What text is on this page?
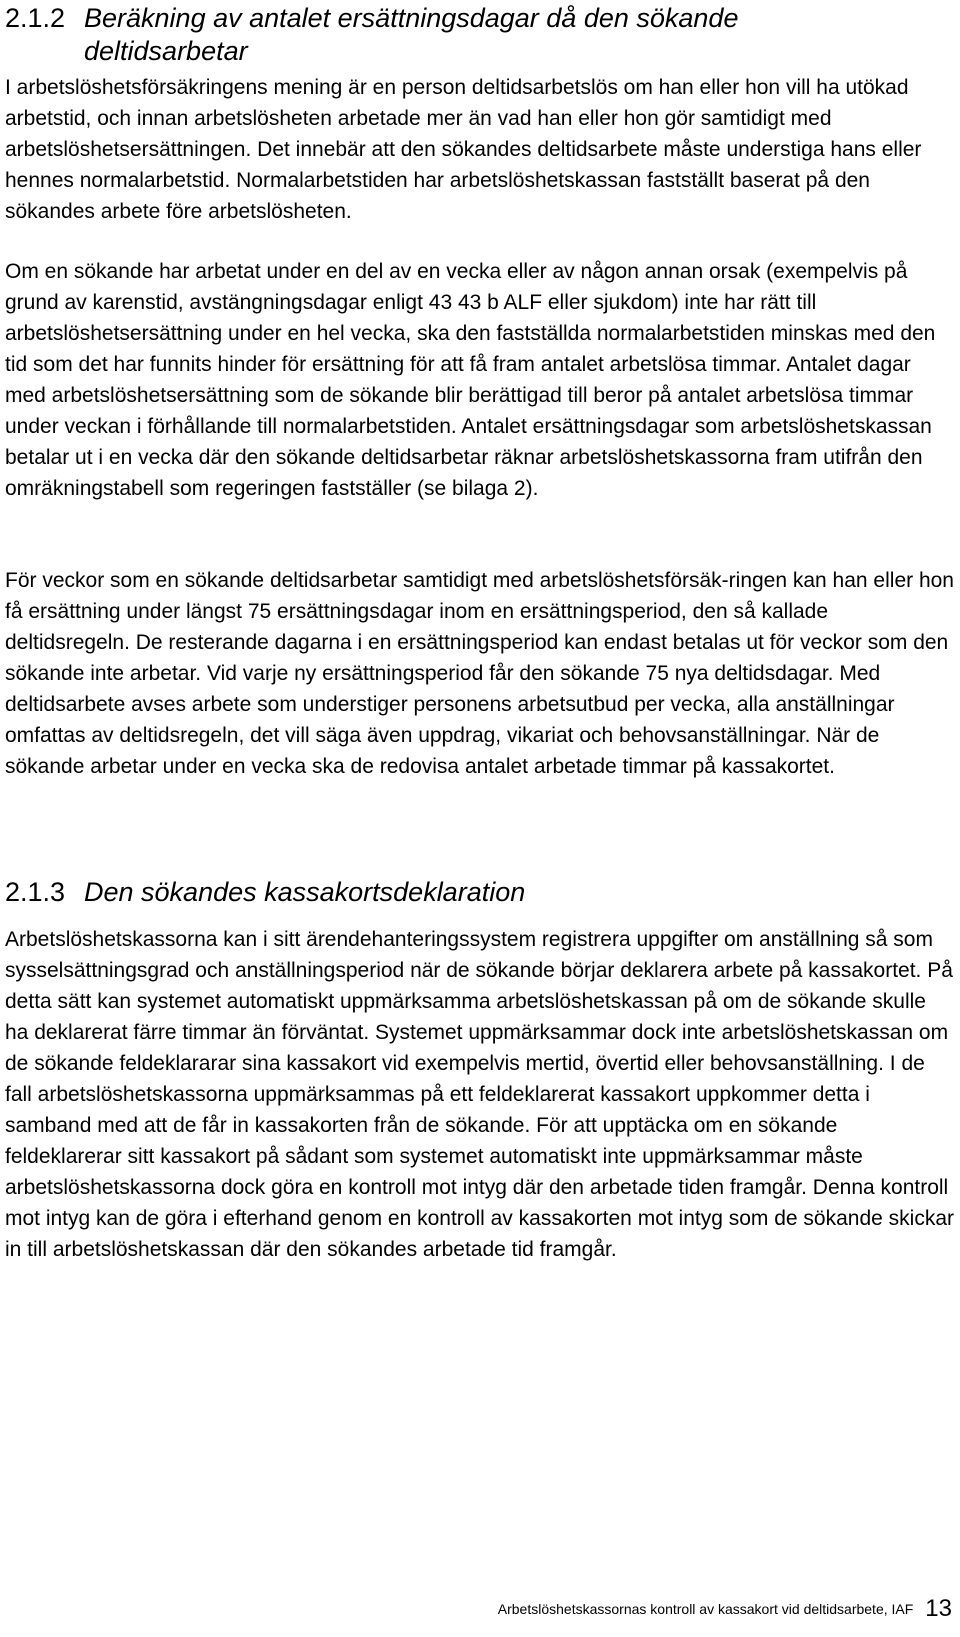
2.1.2 Beräkning av antalet ersättningsdagar då den sökande
deltidsarbetar

I arbetslöshetsförsäkringens mening är en person deltidsarbetslös om han eller hon vill ha utökad arbetstid, och innan arbetslösheten arbetade mer än vad han eller hon gör samtidigt med arbetslöshetsersättningen. Det innebär att den sökandes deltidsarbete måste understiga hans eller hennes normalarbetstid. Normalarbetstiden har arbetslöshetskassan fastställt baserat på den sökandes arbete före arbetslösheten.

Om en sökande har arbetat under en del av en vecka eller av någon annan orsak (exempelvis på grund av karenstid, avstängningsdagar enligt 43 43 b ALF eller sjukdom) inte har rätt till arbetslöshetsersättning under en hel vecka, ska den fastställda normalarbetstiden minskas med den tid som det har funnits hinder för ersättning för att få fram antalet arbetslösa timmar. Antalet dagar med arbetslöshetsersättning som de sökande blir berättigad till beror på antalet arbetslösa timmar under veckan i förhållande till normalarbetstiden. Antalet ersättningsdagar som arbetslöshetskassan betalar ut i en vecka där den sökande deltidsarbetar räknar arbetslöshetskassorna fram utifrån den omräkningstabell som regeringen fastställer (se bilaga 2).

För veckor som en sökande deltidsarbetar samtidigt med arbetslöshetsförsäk-ringen kan han eller hon få ersättning under längst 75 ersättningsdagar inom en ersättningsperiod, den så kallade deltidsregeln. De resterande dagarna i en ersättningsperiod kan endast betalas ut för veckor som den sökande inte arbetar. Vid varje ny ersättningsperiod får den sökande 75 nya deltidsdagar. Med deltidsarbete avses arbete som understiger personens arbetsutbud per vecka, alla anställningar omfattas av deltidsregeln, det vill säga även uppdrag, vikariat och behovsanställningar. När de sökande arbetar under en vecka ska de redovisa antalet arbetade timmar på kassakortet.

2.1.3 Den sökandes kassakortsdeklaration

Arbetslöshetskassorna kan i sitt ärendehanteringssystem registrera uppgifter om anställning så som sysselsättningsgrad och anställningsperiod när de sökande börjar deklarera arbete på kassakortet. På detta sätt kan systemet automatiskt uppmärksamma arbetslöshetskassan på om de sökande skulle ha deklarerat färre timmar än förväntat. Systemet uppmärksammar dock inte arbetslöshetskassan om de sökande feldeklararar sina kassakort vid exempelvis mertid, övertid eller behovsanställning. I de fall arbetslöshetskassorna uppmärksammas på ett feldeklarerat kassakort uppkommer detta i samband med att de får in kassakorten från de sökande. För att upptäcka om en sökande feldeklarerar sitt kassakort på sådant som systemet automatiskt inte uppmärksammar måste arbetslöshetskassorna dock göra en kontroll mot intyg där den arbetade tiden framgår. Denna kontroll mot intyg kan de göra i efterhand genom en kontroll av kassakorten mot intyg som de sökande skickar in till arbetslöshetskassan där den sökandes arbetade tid framgår.

Arbetslöshetskassornas kontroll av kassakort vid deltidsarbete, IAF 13
